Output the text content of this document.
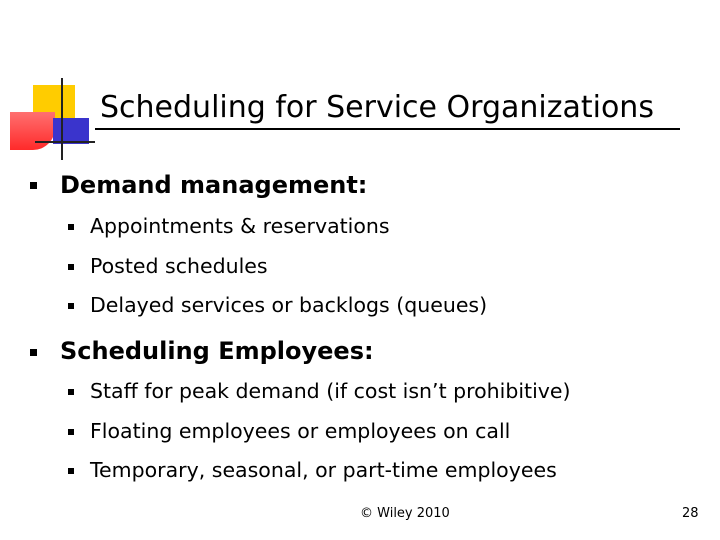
Scheduling for Service Organizations
Demand management:
Appointments & reservations
Posted schedules
Delayed services or backlogs (queues)
Scheduling Employees:
Staff for peak demand (if cost isn’t prohibitive)
Floating employees or employees on call
Temporary, seasonal, or part-time employees
© Wiley 2010	28
